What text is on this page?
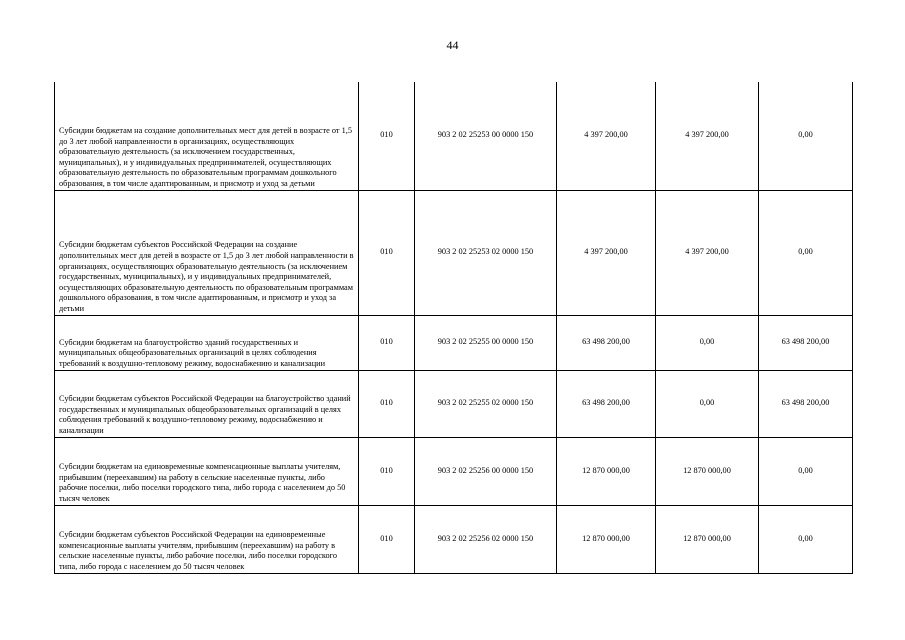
44
Субсидии бюджетам на создание дополнительных мест для детей в возрасте от 1,5 до 3 лет любой направленности в организациях, осуществляющих образовательную деятельность (за исключением государственных, муниципальных), и у индивидуальных предпринимателей, осуществляющих образовательную деятельность по образовательным программам дошкольного образования, в том числе адаптированным, и присмотр и уход за детьми	010	903 2 02 25253 00 0000 150	4 397 200,00	4 397 200,00	0,00
Субсидии бюджетам субъектов Российской Федерации на создание дополнительных мест для детей в возрасте от 1,5 до 3 лет любой направленности в организациях, осуществляющих образовательную деятельность (за исключением государственных, муниципальных), и у индивидуальных предпринимателей, осуществляющих образовательную деятельность по образовательным программам дошкольного образования, в том числе адаптированным, и присмотр и уход за детьми	010	903 2 02 25253 02 0000 150	4 397 200,00	4 397 200,00	0,00
Субсидии бюджетам на благоустройство зданий государственных и муниципальных общеобразовательных организаций в целях соблюдения требований к воздушно-тепловому режиму, водоснабжению и канализации	010	903 2 02 25255 00 0000 150	63 498 200,00	0,00	63 498 200,00
Субсидии бюджетам субъектов Российской Федерации на благоустройство зданий государственных и муниципальных общеобразовательных организаций в целях соблюдения требований к воздушно-тепловому режиму, водоснабжению и канализации	010	903 2 02 25255 02 0000 150	63 498 200,00	0,00	63 498 200,00
Субсидии бюджетам на единовременные компенсационные выплаты учителям, прибывшим (переехавшим) на работу в сельские населенные пункты, либо рабочие поселки, либо поселки городского типа, либо города с населением до 50 тысяч человек	010	903 2 02 25256 00 0000 150	12 870 000,00	12 870 000,00	0,00
Субсидии бюджетам субъектов Российской Федерации на единовременные компенсационные выплаты учителям, прибывшим (переехавшим) на работу в сельские населенные пункты, либо рабочие поселки, либо поселки городского типа, либо города с населением до 50 тысяч человек	010	903 2 02 25256 02 0000 150	12 870 000,00	12 870 000,00	0,00
